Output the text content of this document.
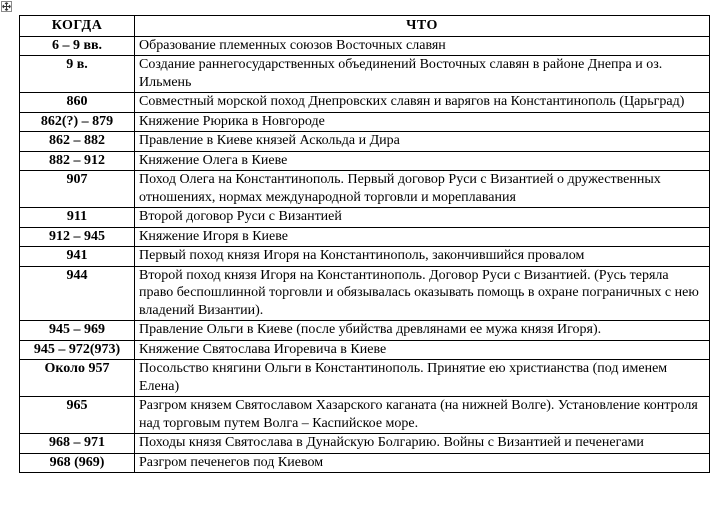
КОГДА	ЧТО
6 – 9 вв.	Образование племенных союзов Восточных славян
9 в.	Создание раннегосударственных объединений Восточных славян в районе Днепра и оз. Ильмень
860	Совместный морской поход Днепровских славян и варягов на Константинополь (Царьград)
862(?) – 879	Княжение Рюрика в Новгороде
862 – 882	Правление в Киеве князей Аскольда и Дира
882 – 912	Княжение Олега в Киеве
907	Поход Олега на Константинополь. Первый договор Руси с Византией о дружественных отношениях, нормах международной торговли и мореплавания
911	Второй договор Руси с Византией
912 – 945	Княжение Игоря в Киеве
941	Первый поход князя Игоря на Константинополь, закончившийся провалом
944	Второй поход князя Игоря на Константинополь. Договор Руси с Византией. (Русь теряла право беспошлинной торговли и обязывалась оказывать помощь в охране пограничных с нею владений Византии).
945 – 969	Правление Ольги в Киеве (после убийства древлянами ее мужа князя Игоря).
945 – 972(973)	Княжение Святослава Игоревича в Киеве
Около 957	Посольство княгини Ольги в Константинополь. Принятие ею христианства (под именем Елена)
965	Разгром князем Святославом Хазарского каганата (на нижней Волге). Установление контроля над торговым путем Волга – Каспийское море.
968 – 971	Походы князя Святослава в Дунайскую Болгарию. Войны с Византией и печенегами
968 (969)	Разгром печенегов под Киевом
